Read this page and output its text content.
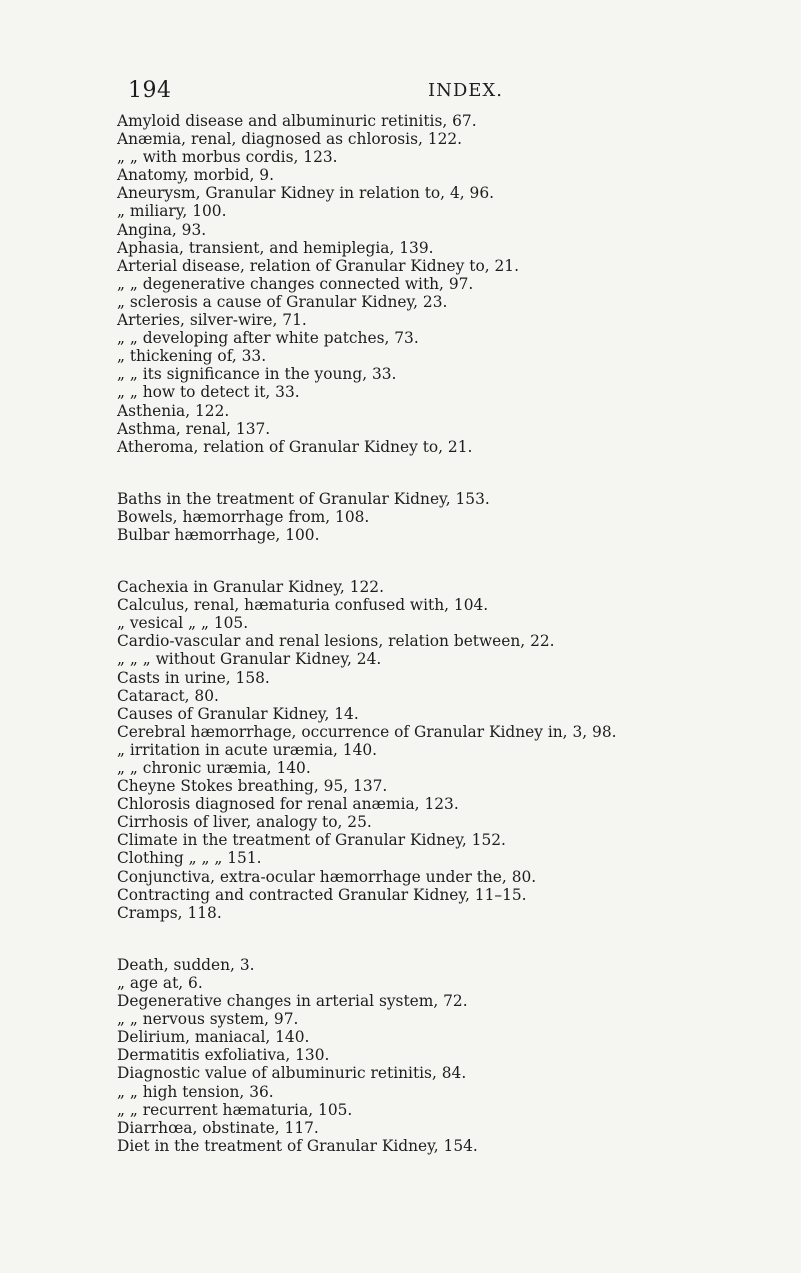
194	INDEX.
Amyloid disease and albuminuric retinitis, 67.
Anæmia, renal, diagnosed as chlorosis, 122.
„ „ with morbus cordis, 123.
Anatomy, morbid, 9.
Aneurysm, Granular Kidney in relation to, 4, 96.
„ miliary, 100.
Angina, 93.
Aphasia, transient, and hemiplegia, 139.
Arterial disease, relation of Granular Kidney to, 21.
„ „ degenerative changes connected with, 97.
„ sclerosis a cause of Granular Kidney, 23.
Arteries, silver-wire, 71.
„ „ developing after white patches, 73.
„ thickening of, 33.
„ „ its significance in the young, 33.
„ „ how to detect it, 33.
Asthenia, 122.
Asthma, renal, 137.
Atheroma, relation of Granular Kidney to, 21.
Baths in the treatment of Granular Kidney, 153.
Bowels, hæmorrhage from, 108.
Bulbar hæmorrhage, 100.
Cachexia in Granular Kidney, 122.
Calculus, renal, hæmaturia confused with, 104.
„ vesical „ „ 105.
Cardio-vascular and renal lesions, relation between, 22.
„ „ „ without Granular Kidney, 24.
Casts in urine, 158.
Cataract, 80.
Causes of Granular Kidney, 14.
Cerebral hæmorrhage, occurrence of Granular Kidney in, 3, 98.
„ irritation in acute uræmia, 140.
„ „ chronic uræmia, 140.
Cheyne Stokes breathing, 95, 137.
Chlorosis diagnosed for renal anæmia, 123.
Cirrhosis of liver, analogy to, 25.
Climate in the treatment of Granular Kidney, 152.
Clothing „ „ „ 151.
Conjunctiva, extra-ocular hæmorrhage under the, 80.
Contracting and contracted Granular Kidney, 11–15.
Cramps, 118.
Death, sudden, 3.
„ age at, 6.
Degenerative changes in arterial system, 72.
„ „ nervous system, 97.
Delirium, maniacal, 140.
Dermatitis exfoliativa, 130.
Diagnostic value of albuminuric retinitis, 84.
„ „ high tension, 36.
„ „ recurrent hæmaturia, 105.
Diarrhœa, obstinate, 117.
Diet in the treatment of Granular Kidney, 154.
